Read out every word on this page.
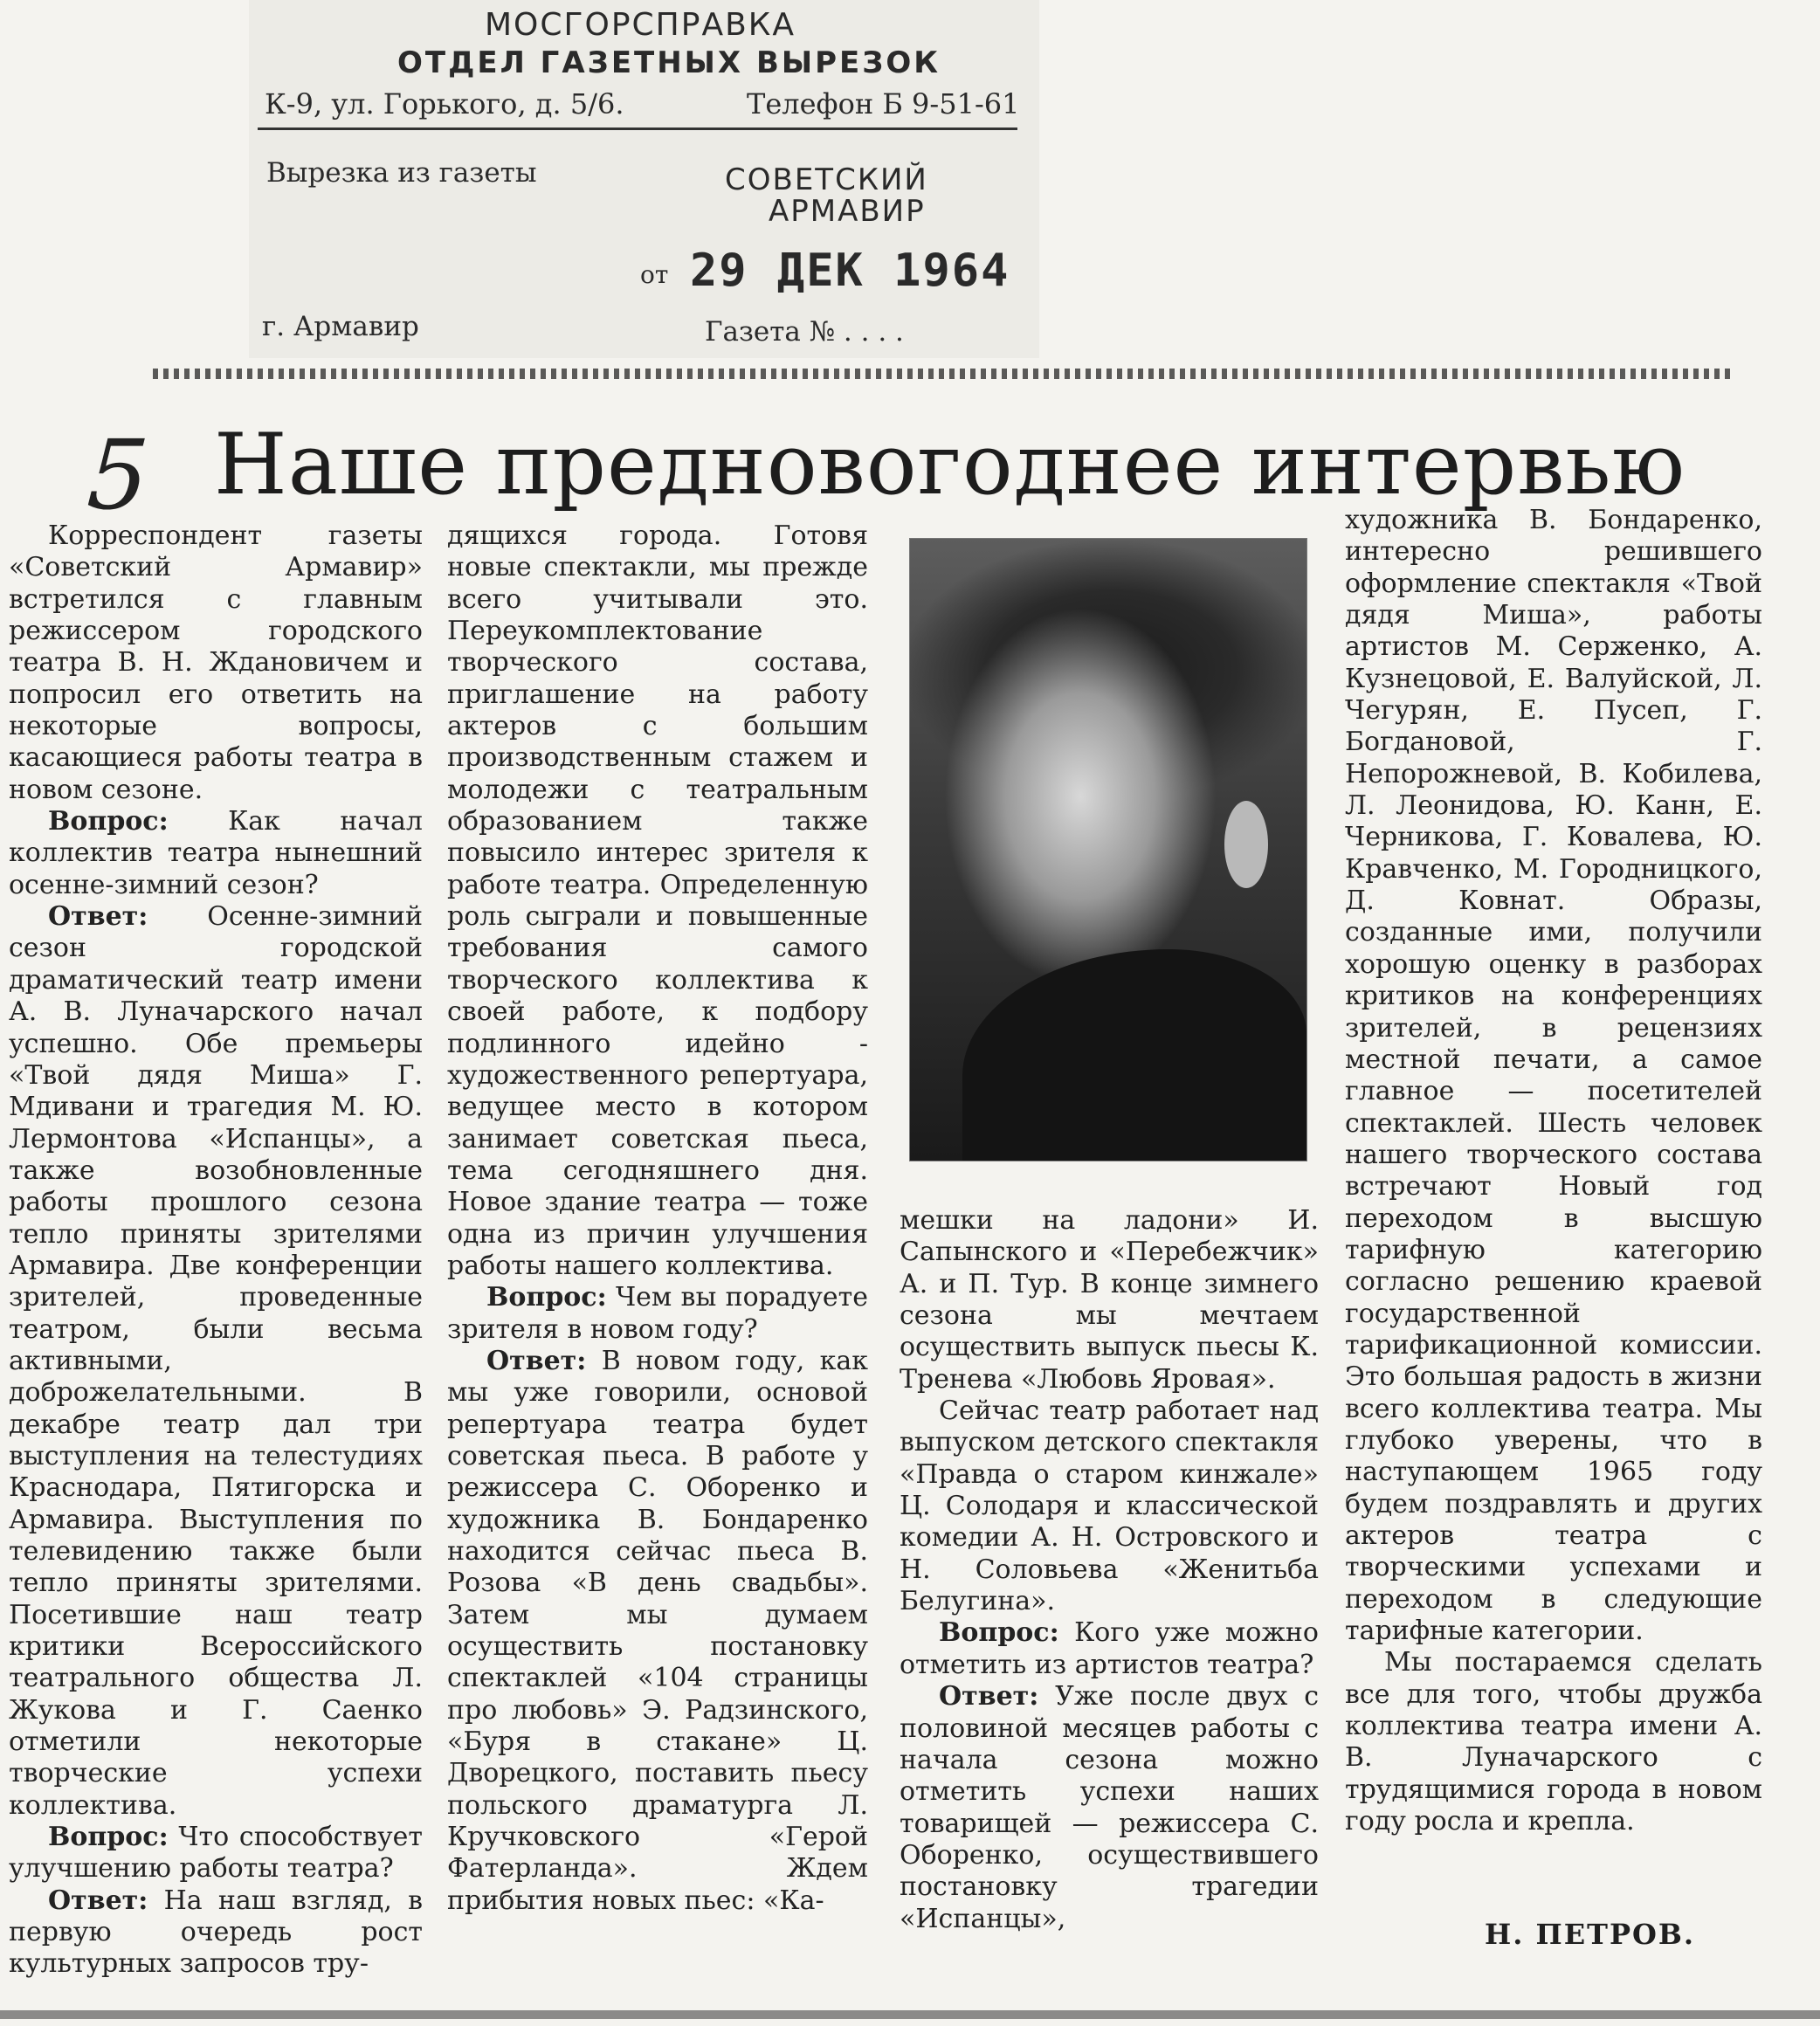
МОСГОРСПРАВКА
ОТДЕЛ ГАЗЕТНЫХ ВЫРЕЗОК
К-9, ул. Горького, д. 5/6.	Телефон Б 9-51-61
Вырезка из газеты	СОВЕТСКИЙ
АРМАВИР
от 29 ДЕК 1964
г. Армавир	Газета № . . . .
5 Наше предновогоднее интервью

Корреспондент газеты «Советский Армавир» встретился с главным режиссером городского театра В. Н. Ждановичем и попросил его ответить на некоторые вопросы, касающиеся работы театра в новом сезоне.

Вопрос: Как начал коллектив театра нынешний осенне-зимний сезон?

Ответ: Осенне-зимний сезон городской драматический театр имени А. В. Луначарского начал успешно. Обе премьеры «Твой дядя Миша» Г. Мдивани и трагедия М. Ю. Лермонтова «Испанцы», а также возобновленные работы прошлого сезона тепло приняты зрителями Армавира. Две конференции зрителей, проведенные театром, были весьма активными, доброжелательными. В декабре театр дал три выступления на телестудиях Краснодара, Пятигорска и Армавира. Выступления по телевидению также были тепло приняты зрителями. Посетившие наш театр критики Всероссийского театрального общества Л. Жукова и Г. Саенко отметили некоторые творческие успехи коллектива.

Вопрос: Что способствует улучшению работы театра?

Ответ: На наш взгляд, в первую очередь рост культурных запросов тру-

дящихся города. Готовя новые спектакли, мы прежде всего учитывали это. Переукомплектование творческого состава, приглашение на работу актеров с большим производственным стажем и молодежи с театральным образованием также повысило интерес зрителя к работе театра. Определенную роль сыграли и повышенные требования самого творческого коллектива к своей работе, к подбору подлинного идейно - художественного репертуара, ведущее место в котором занимает советская пьеса, тема сегодняшнего дня. Новое здание театра — тоже одна из причин улучшения работы нашего коллектива.

Вопрос: Чем вы порадуете зрителя в новом году?

Ответ: В новом году, как мы уже говорили, основой репертуара театра будет советская пьеса. В работе у режиссера С. Оборенко и художника В. Бондаренко находится сейчас пьеса В. Розова «В день свадьбы». Затем мы думаем осуществить постановку спектаклей «104 страницы про любовь» Э. Радзинского, «Буря в стакане» Ц. Дворецкого, поставить пьесу польского драматурга Л. Кручковского «Герой Фатерланда». Ждем прибытия новых пьес: «Ка-

мешки на ладони» И. Сапынского и «Перебежчик» А. и П. Тур. В конце зимнего сезона мы мечтаем осуществить выпуск пьесы К. Тренева «Любовь Яровая».

Сейчас театр работает над выпуском детского спектакля «Правда о старом кинжале» Ц. Солодаря и классической комедии А. Н. Островского и Н. Соловьева «Женитьба Белугина».

Вопрос: Кого уже можно отметить из артистов театра?

Ответ: Уже после двух с половиной месяцев работы с начала сезона можно отметить успехи наших товарищей — режиссера С. Оборенко, осуществившего постановку трагедии «Испанцы»,

художника В. Бондаренко, интересно решившего оформление спектакля «Твой дядя Миша», работы артистов М. Серженко, А. Кузнецовой, Е. Валуйской, Л. Чегурян, Е. Пусеп, Г. Богдановой, Г. Непорожневой, В. Кобилева, Л. Леонидова, Ю. Канн, Е. Черникова, Г. Ковалева, Ю. Кравченко, М. Городницкого, Д. Ковнат. Образы, созданные ими, получили хорошую оценку в разборах критиков на конференциях зрителей, в рецензиях местной печати, а самое главное — посетителей спектаклей. Шесть человек нашего творческого состава встречают Новый год переходом в высшую тарифную категорию согласно решению краевой государственной тарификационной комиссии. Это большая радость в жизни всего коллектива театра. Мы глубоко уверены, что в наступающем 1965 году будем поздравлять и других актеров театра с творческими успехами и переходом в следующие тарифные категории.

Мы постараемся сделать все для того, чтобы дружба коллектива театра имени А. В. Луначарского с трудящимися города в новом году росла и крепла.

Н. ПЕТРОВ.
